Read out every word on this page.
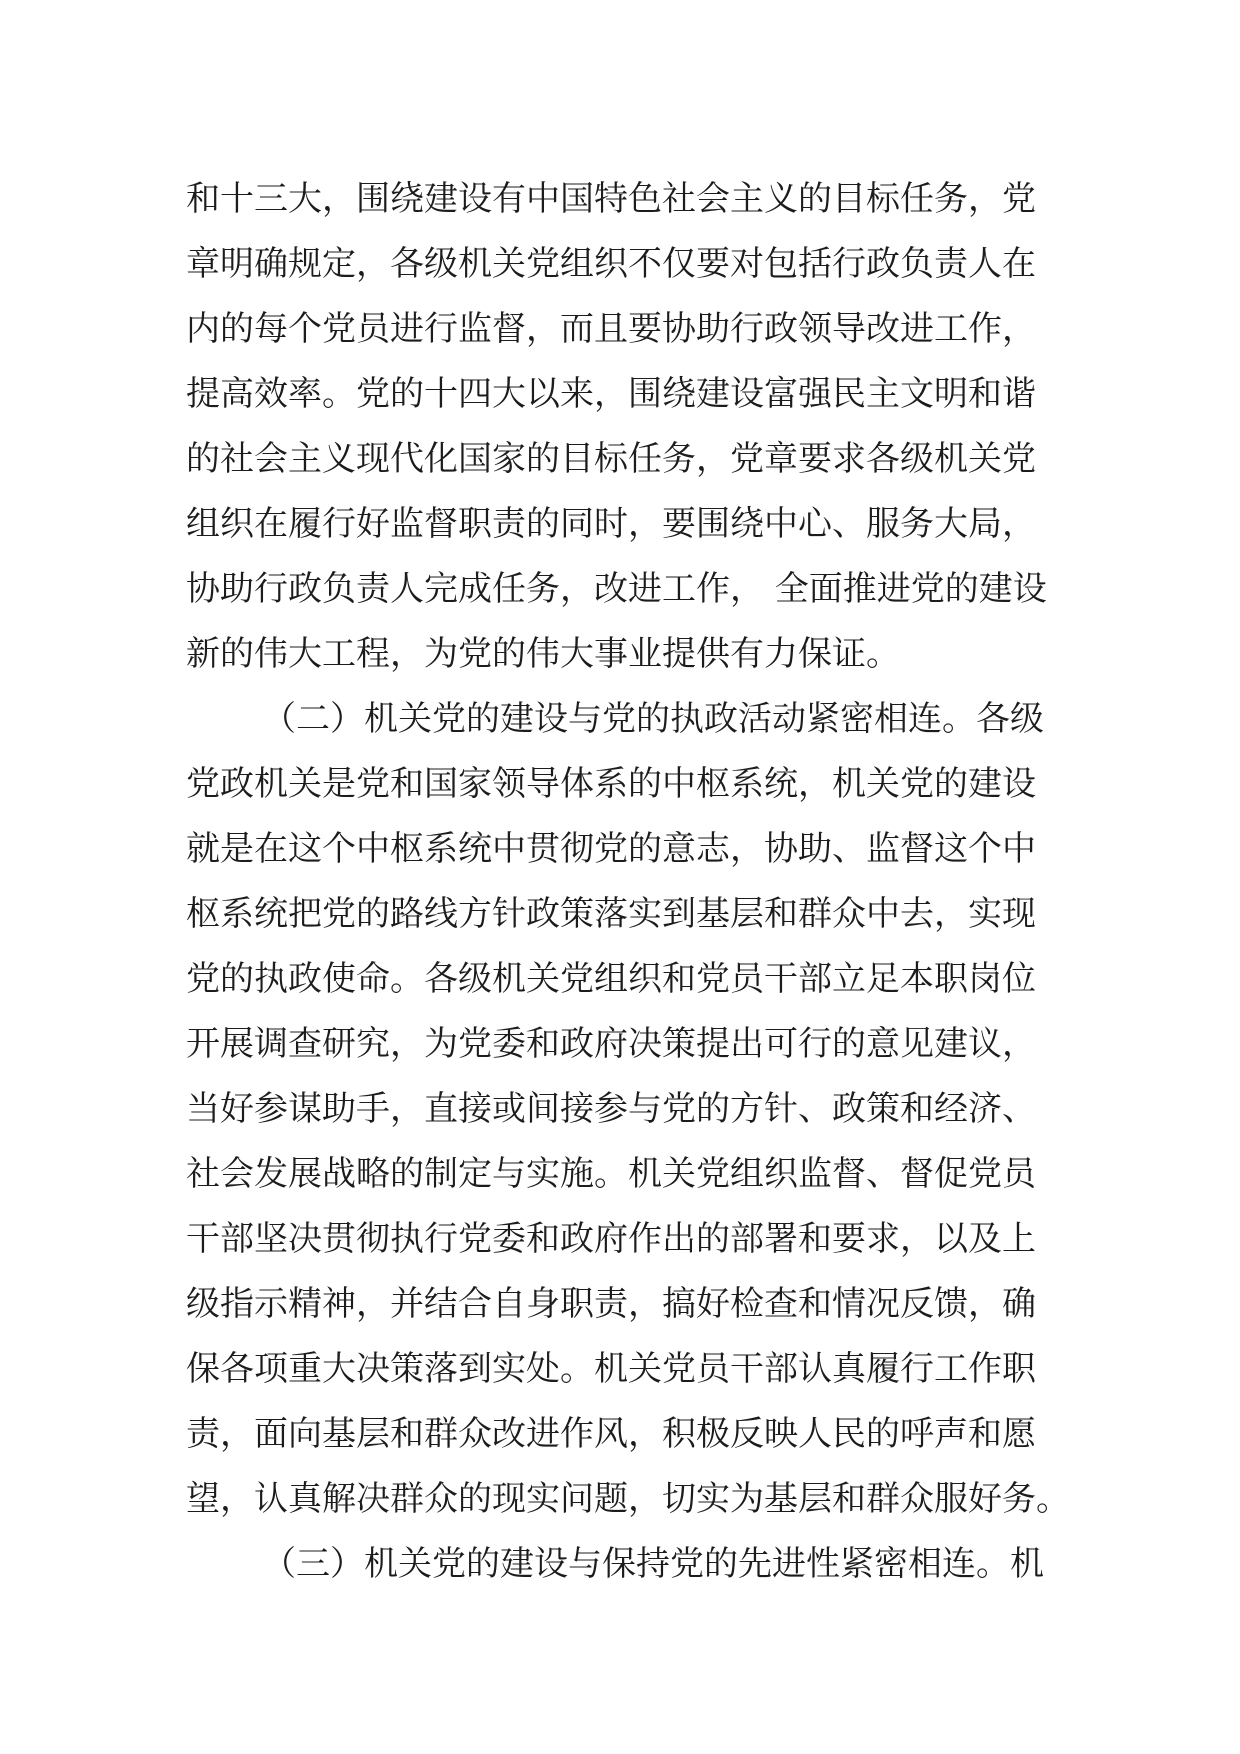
和十三大，围绕建设有中国特色社会主义的目标任务，党
章明确规定，各级机关党组织不仅要对包括行政负责人在
内的每个党员进行监督，而且要协助行政领导改进工作，
提高效率。党的十四大以来，围绕建设富强民主文明和谐
的社会主义现代化国家的目标任务，党章要求各级机关党
组织在履行好监督职责的同时，要围绕中心、服务大局，
协助行政负责人完成任务，改进工作， 全面推进党的建设
新的伟大工程，为党的伟大事业提供有力保证。
（二）机关党的建设与党的执政活动紧密相连。各级
党政机关是党和国家领导体系的中枢系统，机关党的建设
就是在这个中枢系统中贯彻党的意志，协助、监督这个中
枢系统把党的路线方针政策落实到基层和群众中去，实现
党的执政使命。各级机关党组织和党员干部立足本职岗位
开展调查研究，为党委和政府决策提出可行的意见建议，
当好参谋助手，直接或间接参与党的方针、政策和经济、
社会发展战略的制定与实施。机关党组织监督、督促党员
干部坚决贯彻执行党委和政府作出的部署和要求，以及上
级指示精神，并结合自身职责，搞好检查和情况反馈，确
保各项重大决策落到实处。机关党员干部认真履行工作职
责，面向基层和群众改进作风，积极反映人民的呼声和愿
望，认真解决群众的现实问题，切实为基层和群众服好务。
（三）机关党的建设与保持党的先进性紧密相连。机
